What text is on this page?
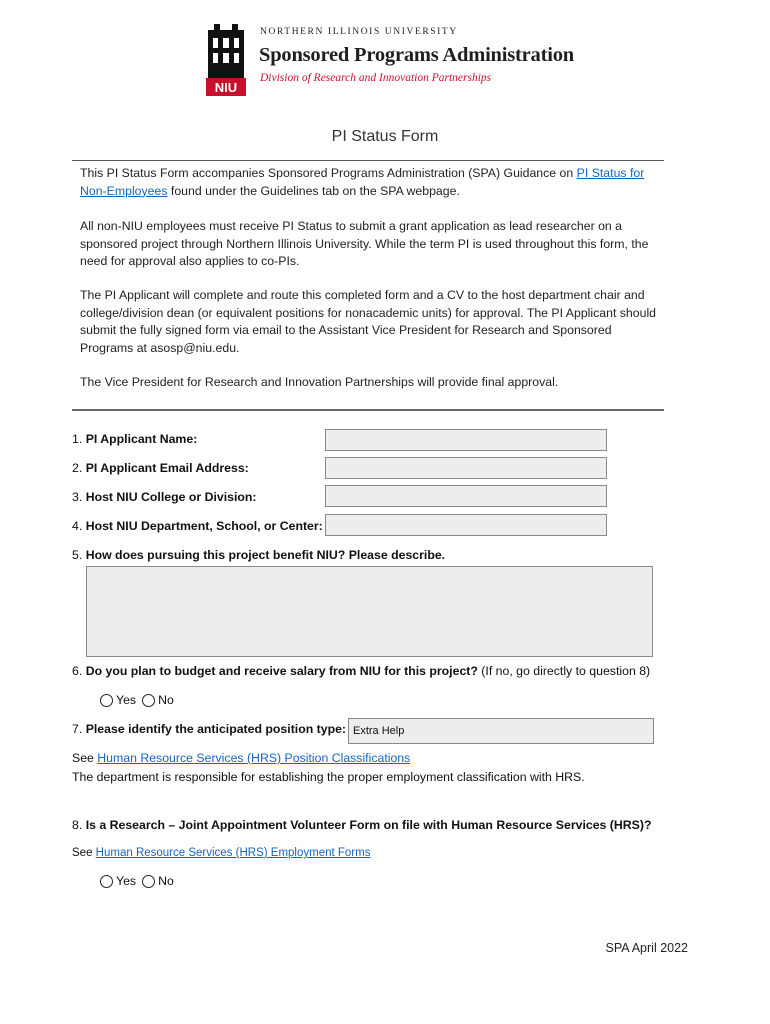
NIU
NORTHERN ILLINOIS UNIVERSITY
Sponsored Programs Administration
Division of Research and Innovation Partnerships
PI Status Form
This PI Status Form accompanies Sponsored Programs Administration (SPA) Guidance on PI Status for Non-Employees found under the Guidelines tab on the SPA webpage.
All non-NIU employees must receive PI Status to submit a grant application as lead researcher on a sponsored project through Northern Illinois University. While the term PI is used throughout this form, the need for approval also applies to co-PIs.
The PI Applicant will complete and route this completed form and a CV to the host department chair and college/division dean (or equivalent positions for nonacademic units) for approval. The PI Applicant should submit the fully signed form via email to the Assistant Vice President for Research and Sponsored Programs at asosp@niu.edu.
The Vice President for Research and Innovation Partnerships will provide final approval.
1. PI Applicant Name:
2. PI Applicant Email Address:
3. Host NIU College or Division:
4. Host NIU Department, School, or Center:
5. How does pursuing this project benefit NIU? Please describe.
6. Do you plan to budget and receive salary from NIU for this project? (If no, go directly to question 8)
Yes No
7. Please identify the anticipated position type: Extra Help
See Human Resource Services (HRS) Position Classifications
The department is responsible for establishing the proper employment classification with HRS.
8. Is a Research – Joint Appointment Volunteer Form on file with Human Resource Services (HRS)?
See Human Resource Services (HRS) Employment Forms
Yes No
SPA April 2022
